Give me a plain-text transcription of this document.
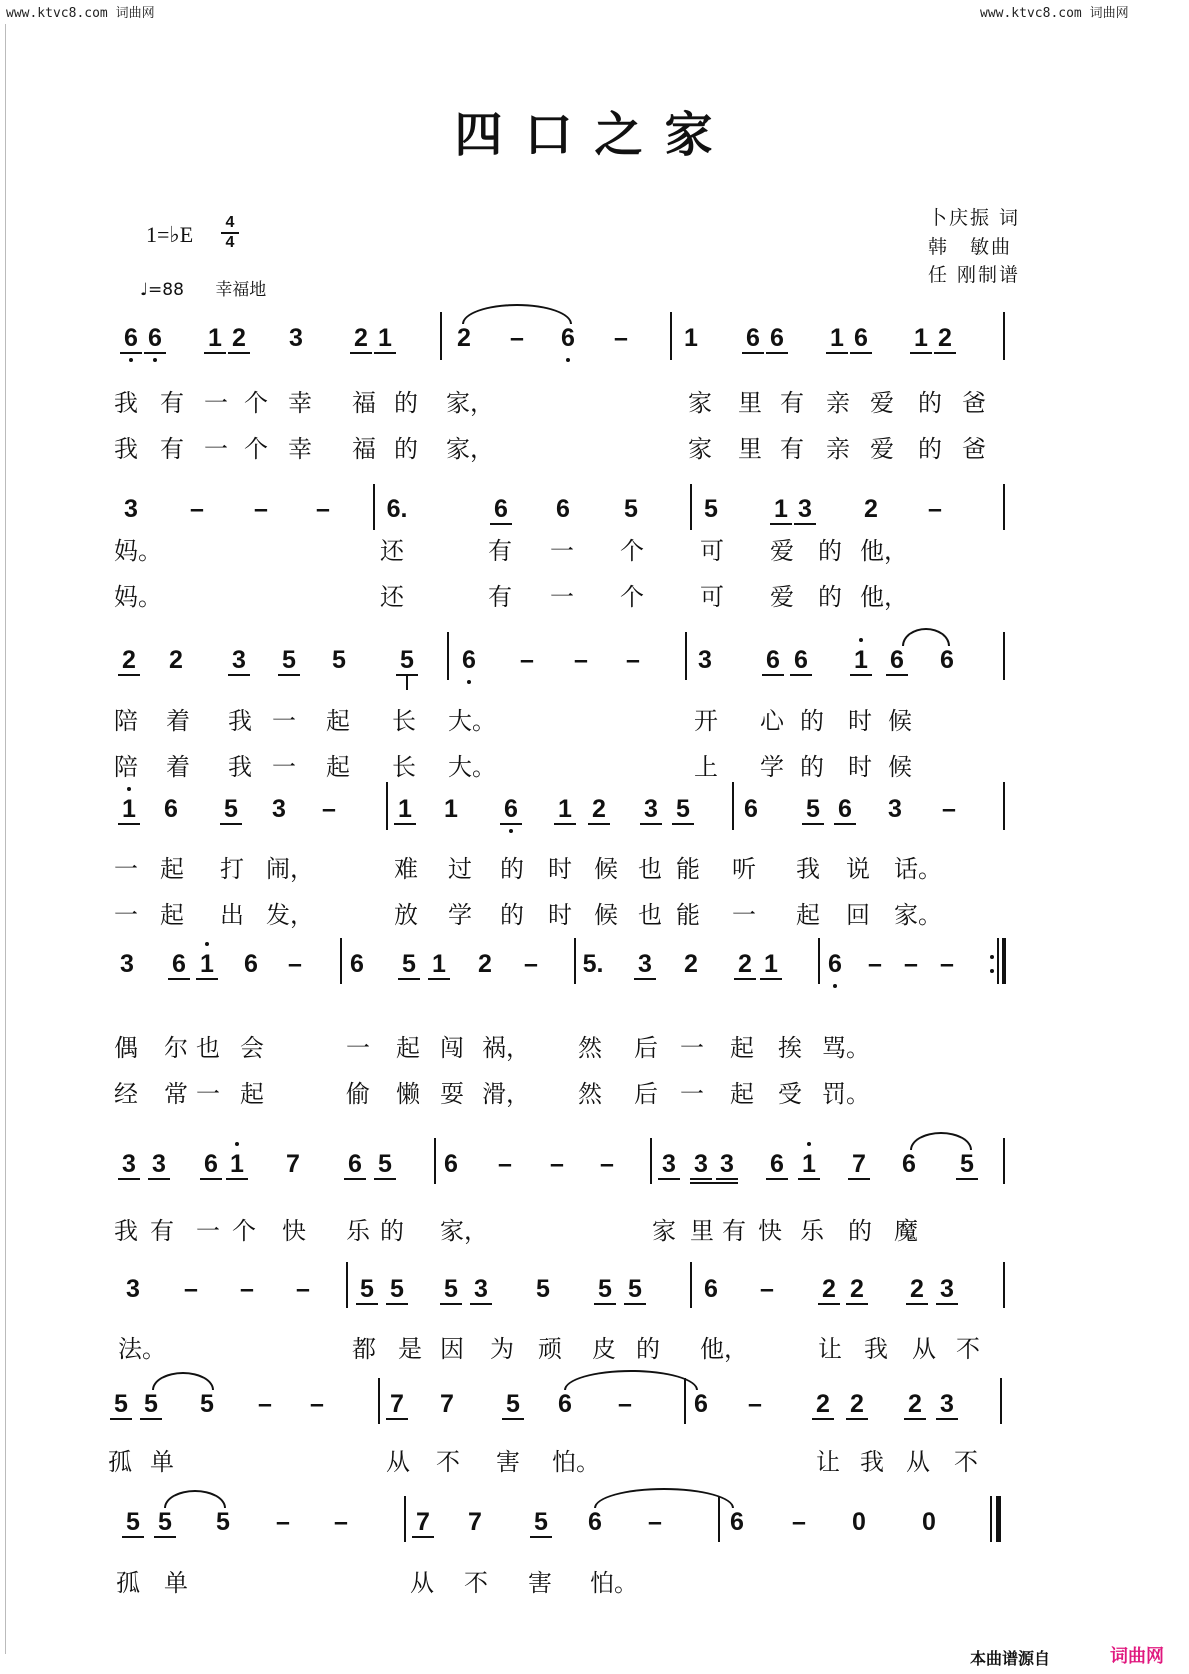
www.ktvc8.com 词曲网	www.ktvc8.com 词曲网
四口之家
1=♭E	4
4
♩=88 幸福地
卜庆振 词
韩　敏曲
任 刚制谱
6 6 1 2 3 2 1	2 – 6 – 1 6 6 1 6 1 2
我 有 一 个 幸 福 的 家，	家 里 有 亲 爱 的 爸
我 有 一 个 幸 福 的 家，	家 里 有 亲 爱 的 爸
3 – – – 6.	6 6 5	5 1 3 2 –
妈。	还	有 一 个 可 爱 的 他，
妈。	还	有 一 个 可 爱 的 他，
2 2 3 5 5 5 6 – – – 3 6 6 1 6 6
陪 着 我 一 起 长 大。	开 心 的 时 候
陪 着 我 一 起 长 大。	上 学 的 时 候
1 6 5 3 – 1 1 6 1 2 3 5 6 5 6 3 –
一 起 打 闹，	难 过 的 时 候 也 能 听 我 说 话。
一 起 出 发，	放 学 的 时 候 也 能 一 起 回 家。
3 6 1 6 – 6 5 1 2 – 5. 3 2 2 1 6 – – –
偶 尔 也 会	一 起 闯 祸， 然 后 一 起 挨 骂。
经 常 一 起	偷 懒 耍 滑， 然 后 一 起 受 罚。
3 3 6 1 7 6 5 6 – – – 3 3 3 6 1 7 6 5
我 有 一 个 快 乐 的 家，	家 里 有 快 乐 的 魔
3 – – – 5 5 5 3 5 5 5 6 – 2 2 2 3
法。	都 是 因 为 顽 皮 的 他，	让 我 从 不
5 5 5 – –	7 7 5 6 – 6 – 2 2 2 3
孤 单	从 不 害 怕。	让 我 从 不
5 5 5 – –	7 7 5 6 –	6 – 0 0
孤 单	从 不 害 怕。
本曲谱源自	词曲网
